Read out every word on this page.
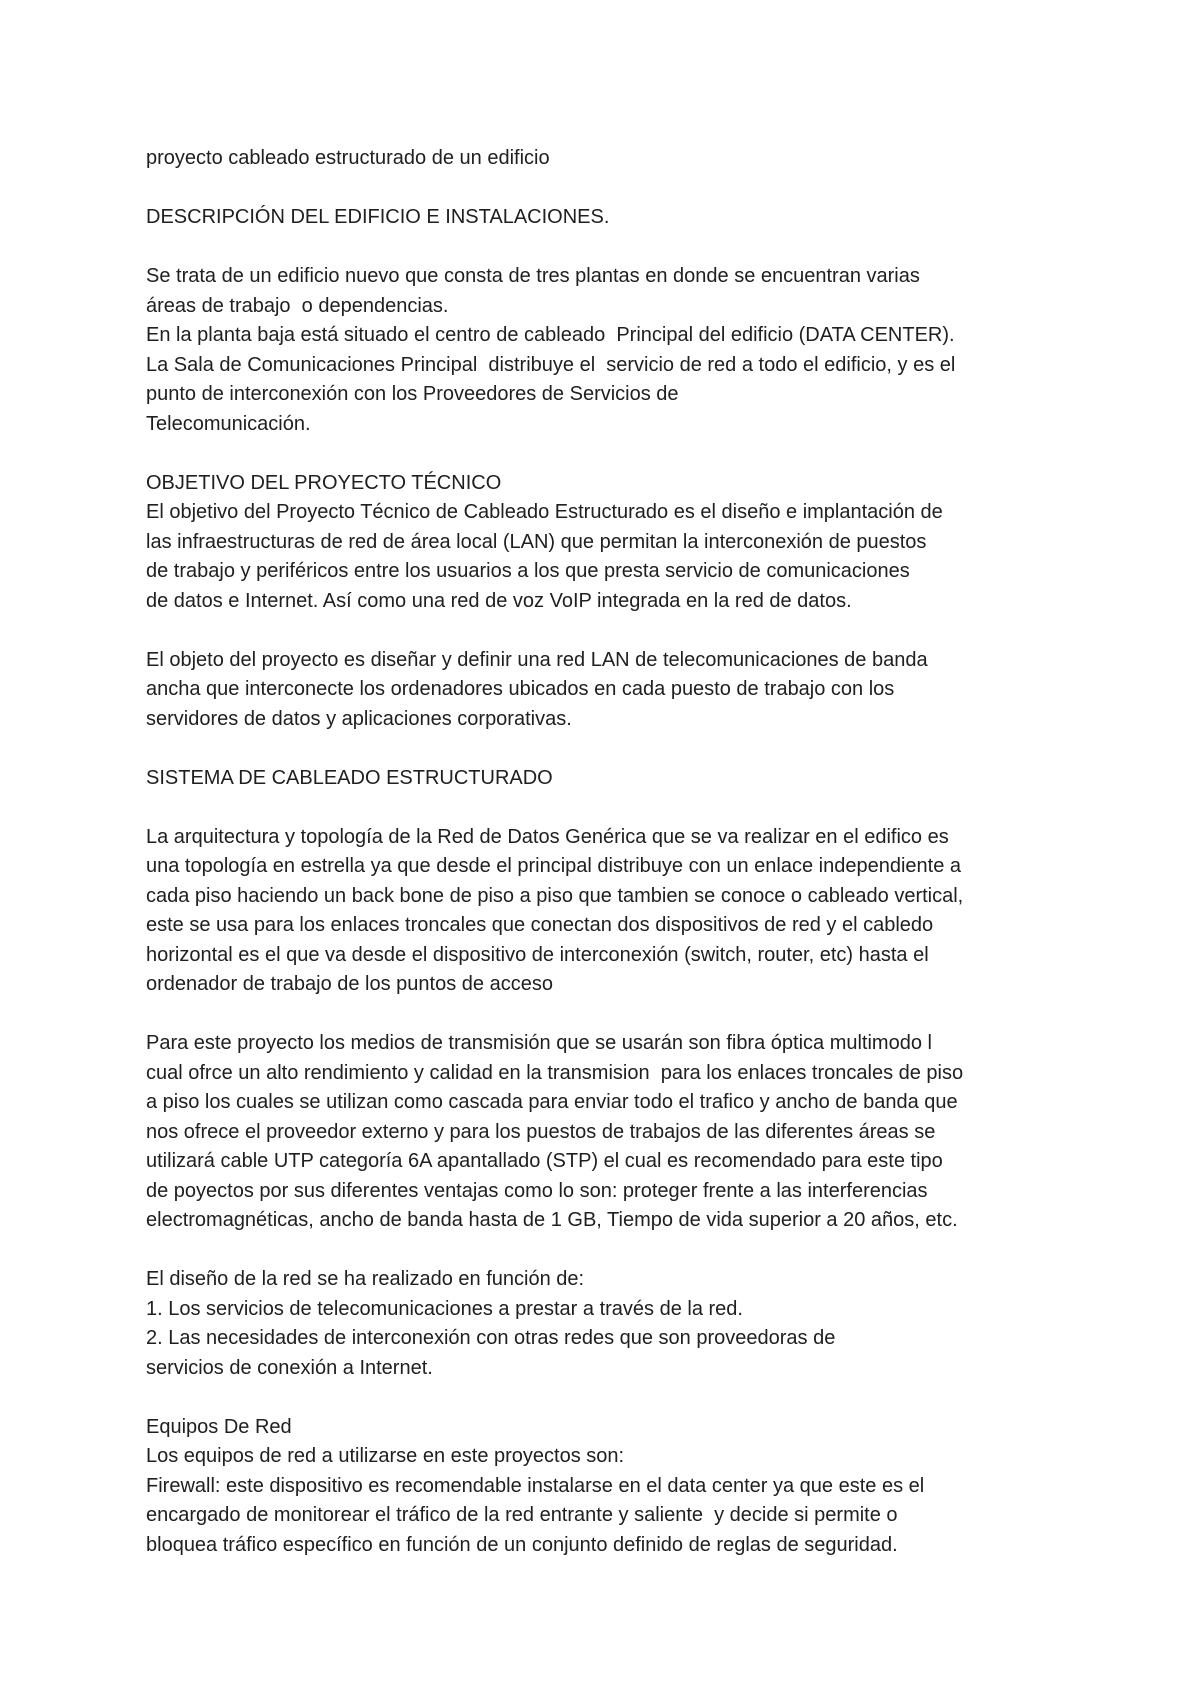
proyecto cableado estructurado de un edificio
DESCRIPCIÓN DEL EDIFICIO E INSTALACIONES.
Se trata de un edificio nuevo que consta de tres plantas en donde se encuentran varias
áreas de trabajo  o dependencias.
En la planta baja está situado el centro de cableado  Principal del edificio (DATA CENTER).
La Sala de Comunicaciones Principal  distribuye el  servicio de red a todo el edificio, y es el
punto de interconexión con los Proveedores de Servicios de
Telecomunicación.
OBJETIVO DEL PROYECTO TÉCNICO
El objetivo del Proyecto Técnico de Cableado Estructurado es el diseño e implantación de
las infraestructuras de red de área local (LAN) que permitan la interconexión de puestos
de trabajo y periféricos entre los usuarios a los que presta servicio de comunicaciones
de datos e Internet. Así como una red de voz VoIP integrada en la red de datos.
El objeto del proyecto es diseñar y definir una red LAN de telecomunicaciones de banda
ancha que interconecte los ordenadores ubicados en cada puesto de trabajo con los
servidores de datos y aplicaciones corporativas.
SISTEMA DE CABLEADO ESTRUCTURADO
La arquitectura y topología de la Red de Datos Genérica que se va realizar en el edifico es
una topología en estrella ya que desde el principal distribuye con un enlace independiente a
cada piso haciendo un back bone de piso a piso que tambien se conoce o cableado vertical,
este se usa para los enlaces troncales que conectan dos dispositivos de red y el cabledo
horizontal es el que va desde el dispositivo de interconexión (switch, router, etc) hasta el
ordenador de trabajo de los puntos de acceso
Para este proyecto los medios de transmisión que se usarán son fibra óptica multimodo l
cual ofrce un alto rendimiento y calidad en la transmision  para los enlaces troncales de piso
a piso los cuales se utilizan como cascada para enviar todo el trafico y ancho de banda que
nos ofrece el proveedor externo y para los puestos de trabajos de las diferentes áreas se
utilizará cable UTP categoría 6A apantallado (STP) el cual es recomendado para este tipo
de poyectos por sus diferentes ventajas como lo son: proteger frente a las interferencias
electromagnéticas, ancho de banda hasta de 1 GB, Tiempo de vida superior a 20 años, etc.
El diseño de la red se ha realizado en función de:
1. Los servicios de telecomunicaciones a prestar a través de la red.
2. Las necesidades de interconexión con otras redes que son proveedoras de
servicios de conexión a Internet.
Equipos De Red
Los equipos de red a utilizarse en este proyectos son:
Firewall: este dispositivo es recomendable instalarse en el data center ya que este es el
encargado de monitorear el tráfico de la red entrante y saliente  y decide si permite o
bloquea tráfico específico en función de un conjunto definido de reglas de seguridad.
